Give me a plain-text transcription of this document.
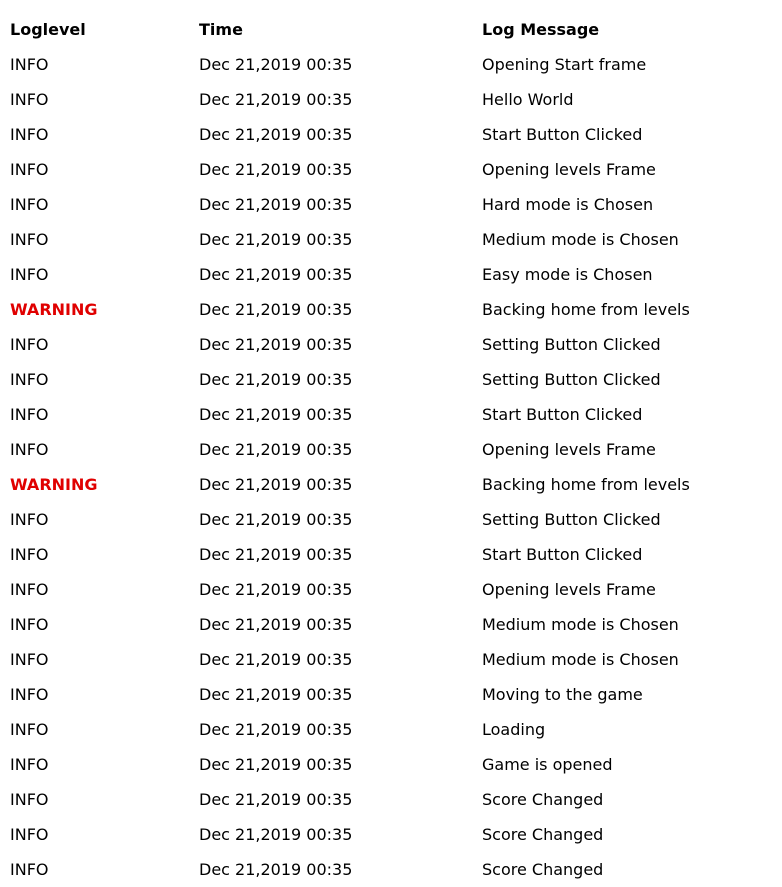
Loglevel	Time	Log Message
INFO	Dec 21,2019 00:35	Opening Start frame
INFO	Dec 21,2019 00:35	Hello World
INFO	Dec 21,2019 00:35	Start Button Clicked
INFO	Dec 21,2019 00:35	Opening levels Frame
INFO	Dec 21,2019 00:35	Hard mode is Chosen
INFO	Dec 21,2019 00:35	Medium mode is Chosen
INFO	Dec 21,2019 00:35	Easy mode is Chosen
WARNING	Dec 21,2019 00:35	Backing home from levels
INFO	Dec 21,2019 00:35	Setting Button Clicked
INFO	Dec 21,2019 00:35	Setting Button Clicked
INFO	Dec 21,2019 00:35	Start Button Clicked
INFO	Dec 21,2019 00:35	Opening levels Frame
WARNING	Dec 21,2019 00:35	Backing home from levels
INFO	Dec 21,2019 00:35	Setting Button Clicked
INFO	Dec 21,2019 00:35	Start Button Clicked
INFO	Dec 21,2019 00:35	Opening levels Frame
INFO	Dec 21,2019 00:35	Medium mode is Chosen
INFO	Dec 21,2019 00:35	Medium mode is Chosen
INFO	Dec 21,2019 00:35	Moving to the game
INFO	Dec 21,2019 00:35	Loading
INFO	Dec 21,2019 00:35	Game is opened
INFO	Dec 21,2019 00:35	Score Changed
INFO	Dec 21,2019 00:35	Score Changed
INFO	Dec 21,2019 00:35	Score Changed
